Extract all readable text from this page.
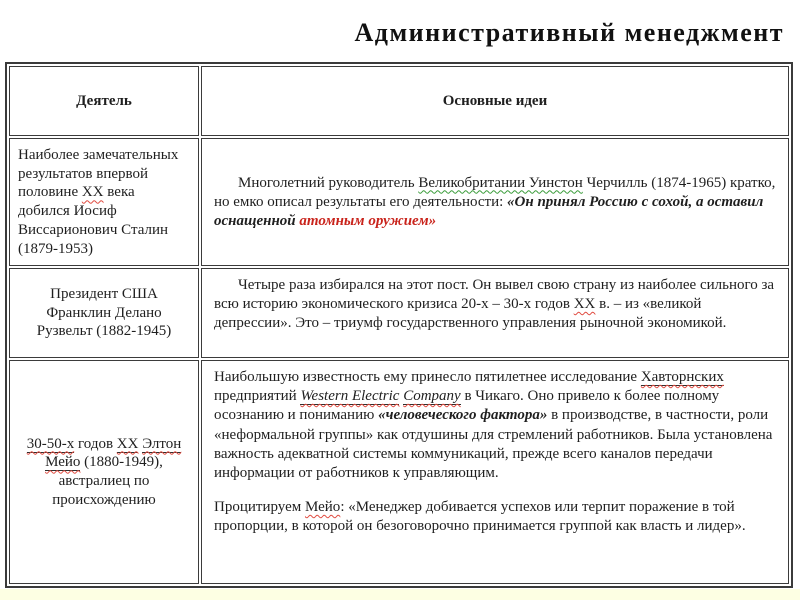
Административный менеджмент
Деятель	Основные идеи

Наиболее замечательных результатов впервой половине XX века добился Иосиф Виссарионович Сталин (1879-1953)	Многолетний руководитель Великобритании Уинстон Черчилль (1874-1965) кратко, но емко описал результаты его деятельности: «Он принял Россию с сохой, а оставил оснащенной атомным оружием»

Президент США Франклин Делано Рузвельт (1882-1945)	Четыре раза избирался на этот пост. Он вывел свою страну из наиболее сильного за всю историю экономического кризиса 20-х – 30-х годов XX в. – из «великой депрессии». Это – триумф государственного управления рыночной экономикой.

30-50-х годов XX Элтон Мейо (1880-1949), австралиец по происхождению	Наибольшую известность ему принесло пятилетнее исследование Хавторнских предприятий Western Electric Company в Чикаго. Оно привело к более полному осознанию и пониманию «человеческого фактора» в производстве, в частности, роли «неформальной группы» как отдушины для стремлений работников. Была установлена важность адекватной системы коммуникаций, прежде всего каналов передачи информации от работников к управляющим.

Процитируем Мейо: «Менеджер добивается успехов или терпит поражение в той пропорции, в которой он безоговорочно принимается группой как власть и лидер».
